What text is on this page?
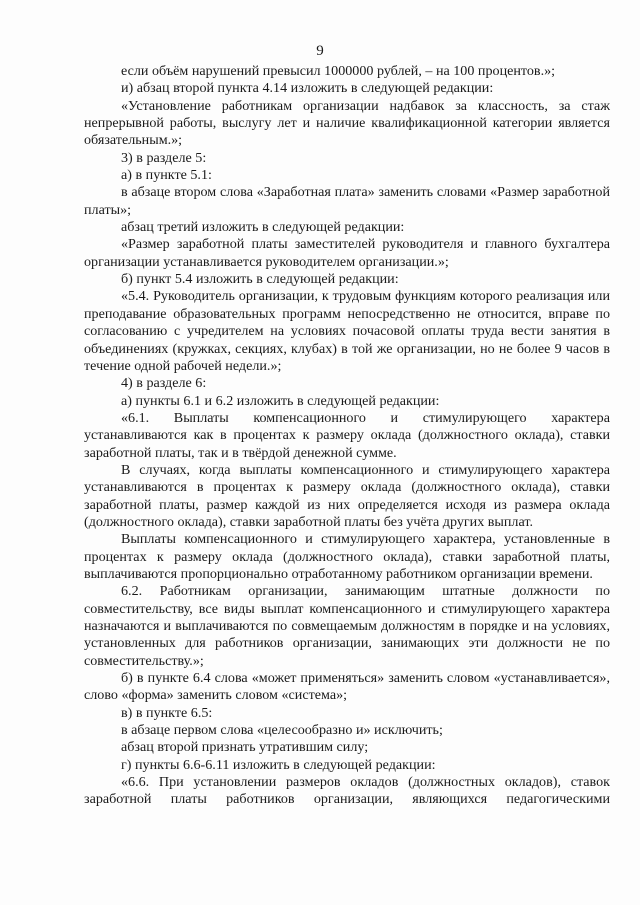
9

если объём нарушений превысил 1000000 рублей, – на 100 процентов.»;

и) абзац второй пункта 4.14 изложить в следующей редакции:

«Установление работникам организации надбавок за классность, за стаж непрерывной работы, выслугу лет и наличие квалификационной категории является обязательным.»;

3) в разделе 5:

а) в пункте 5.1:

в абзаце втором слова «Заработная плата» заменить словами «Размер заработной платы»;

абзац третий изложить в следующей редакции:

«Размер заработной платы заместителей руководителя и главного бухгалтера организации устанавливается руководителем организации.»;

б) пункт 5.4 изложить в следующей редакции:

«5.4. Руководитель организации, к трудовым функциям которого реализация или преподавание образовательных программ непосредственно не относится, вправе по согласованию с учредителем на условиях почасовой оплаты труда вести занятия в объединениях (кружках, секциях, клубах) в той же организации, но не более 9 часов в течение одной рабочей недели.»;

4) в разделе 6:

а) пункты 6.1 и 6.2 изложить в следующей редакции:

«6.1. Выплаты компенсационного и стимулирующего характера устанавливаются как в процентах к размеру оклада (должностного оклада), ставки заработной платы, так и в твёрдой денежной сумме.

В случаях, когда выплаты компенсационного и стимулирующего характера устанавливаются в процентах к размеру оклада (должностного оклада), ставки заработной платы, размер каждой из них определяется исходя из размера оклада (должностного оклада), ставки заработной платы без учёта других выплат.

Выплаты компенсационного и стимулирующего характера, установленные в процентах к размеру оклада (должностного оклада), ставки заработной платы, выплачиваются пропорционально отработанному работником организации времени.

6.2. Работникам организации, занимающим штатные должности по совместительству, все виды выплат компенсационного и стимулирующего характера назначаются и выплачиваются по совмещаемым должностям в порядке и на условиях, установленных для работников организации, занимающих эти должности не по совместительству.»;

б) в пункте 6.4 слова «может применяться» заменить словом «устанавливается», слово «форма» заменить словом «система»;

в) в пункте 6.5:

в абзаце первом слова «целесообразно и» исключить;

абзац второй признать утратившим силу;

г) пункты 6.6-6.11 изложить в следующей редакции:

«6.6. При установлении размеров окладов (должностных окладов), ставок заработной платы работников организации, являющихся педагогическими
